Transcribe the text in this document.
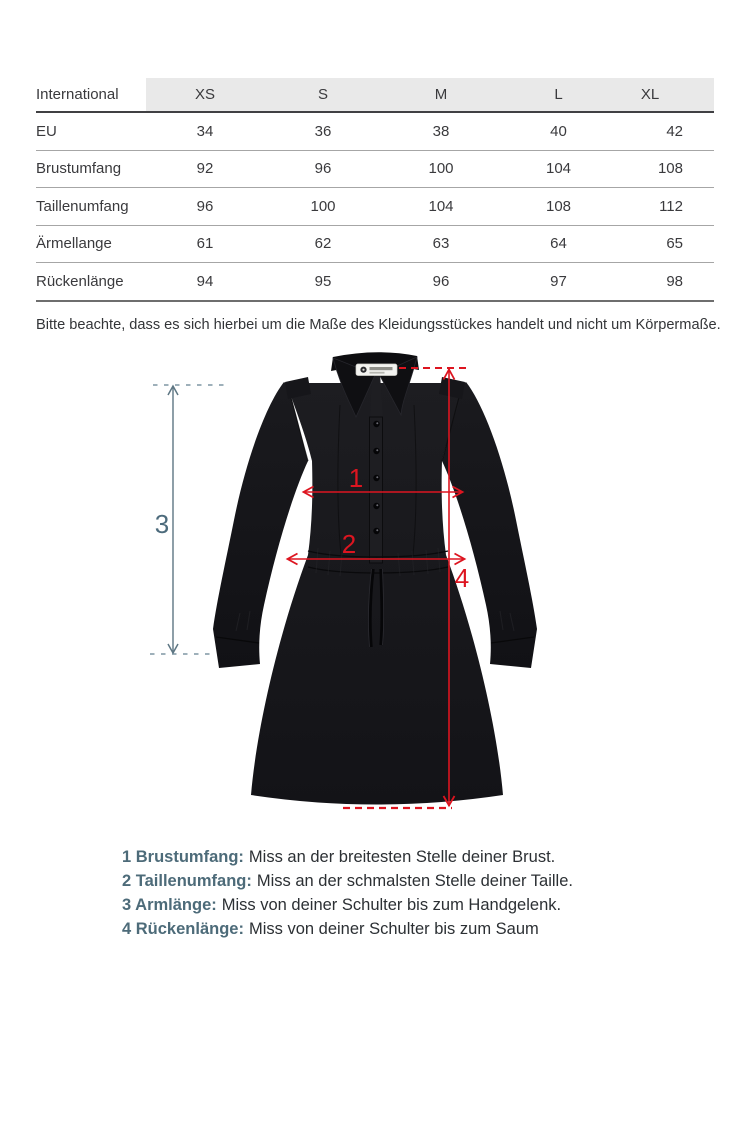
International	XS	S	M	L	XL
EU	34	36	38	40	42
Brustumfang	92	96	100	104	108
Taillenumfang	96	100	104	108	112
Ärmellange	61	62	63	64	65
Rückenlänge	94	95	96	97	98
Bitte beachte, dass es sich hierbei um die Maße des Kleidungsstückes handelt und nicht um Körpermaße.
3
1
2
4
1 Brustumfang: Miss an der breitesten Stelle deiner Brust.
2 Taillenumfang: Miss an der schmalsten Stelle deiner Taille.
3 Armlänge: Miss von deiner Schulter bis zum Handgelenk.
4 Rückenlänge: Miss von deiner Schulter bis zum Saum
